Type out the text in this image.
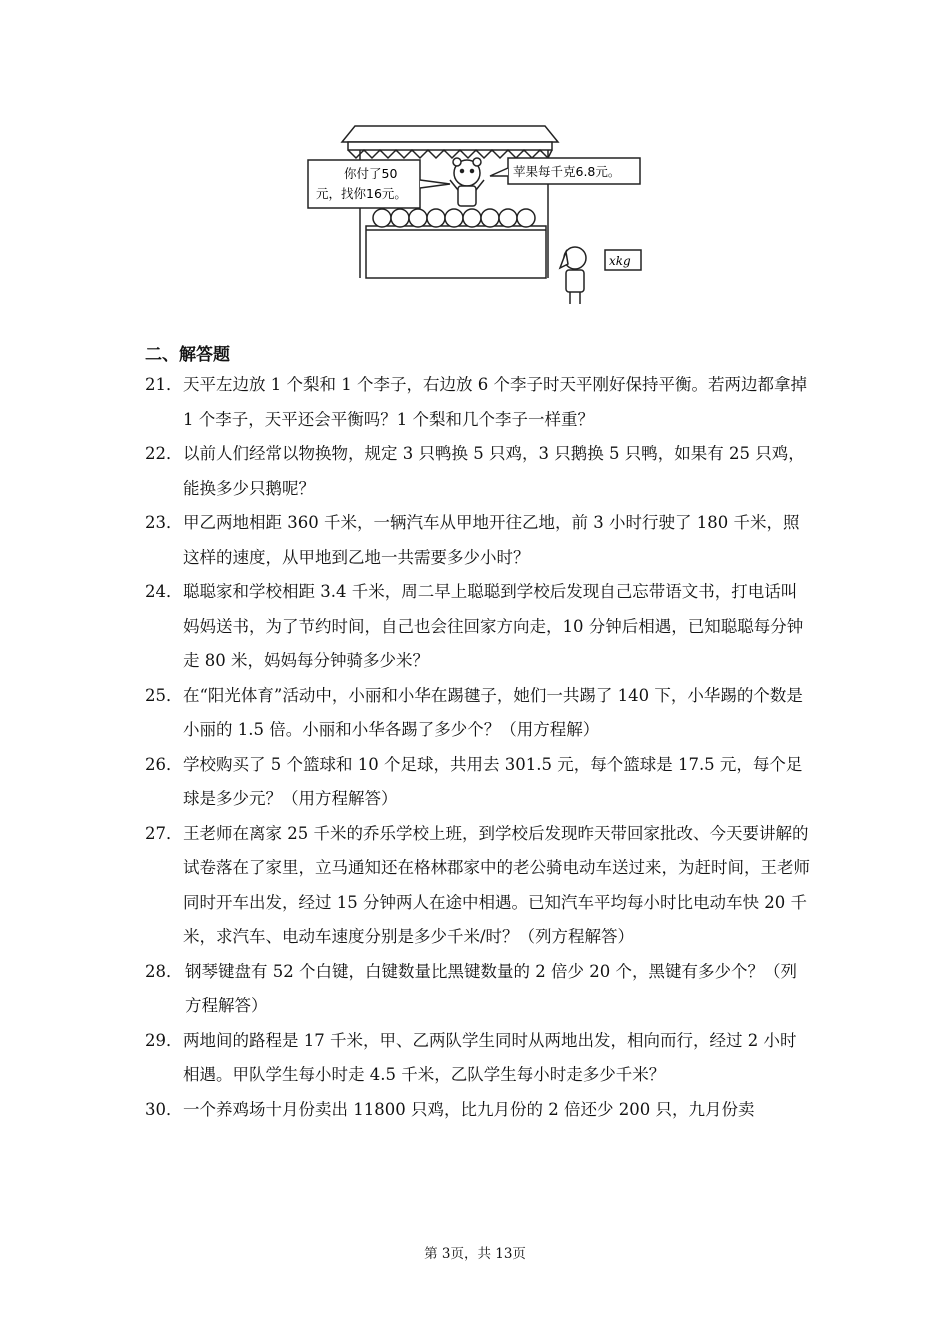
你付了50
元，找你16元。
苹果每千克6.8元。
xkg
二、解答题
21． 天平左边放 1 个梨和 1 个李子，右边放 6 个李子时天平刚好保持平衡。若两边都拿掉 1 个李子，天平还会平衡吗？1 个梨和几个李子一样重？
22． 以前人们经常以物换物，规定 3 只鸭换 5 只鸡，3 只鹅换 5 只鸭，如果有 25 只鸡，能换多少只鹅呢？
23． 甲乙两地相距 360 千米，一辆汽车从甲地开往乙地，前 3 小时行驶了 180 千米，照这样的速度，从甲地到乙地一共需要多少小时？
24． 聪聪家和学校相距 3.4 千米，周二早上聪聪到学校后发现自己忘带语文书，打电话叫妈妈送书，为了节约时间，自己也会往回家方向走，10 分钟后相遇，已知聪聪每分钟走 80 米，妈妈每分钟骑多少米？
25． 在“阳光体育”活动中，小丽和小华在踢毽子，她们一共踢了 140 下，小华踢的个数是小丽的 1.5 倍。小丽和小华各踢了多少个？（用方程解）
26． 学校购买了 5 个篮球和 10 个足球，共用去 301.5 元，每个篮球是 17.5 元，每个足球是多少元？（用方程解答）
27． 王老师在离家 25 千米的乔乐学校上班，到学校后发现昨天带回家批改、今天要讲解的试卷落在了家里，立马通知还在格林郡家中的老公骑电动车送过来，为赶时间，王老师同时开车出发，经过 15 分钟两人在途中相遇。已知汽车平均每小时比电动车快 20 千米，求汽车、电动车速度分别是多少千米/时？（列方程解答）
28． 钢琴键盘有 52 个白键，白键数量比黑键数量的 2 倍少 20 个，黑键有多少个？（列方程解答）
29． 两地间的路程是 17 千米，甲、乙两队学生同时从两地出发，相向而行，经过 2 小时相遇。甲队学生每小时走 4.5 千米，乙队学生每小时走多少千米？
30． 一个养鸡场十月份卖出 11800 只鸡，比九月份的 2 倍还少 200 只，九月份卖
第 3页，共 13页
